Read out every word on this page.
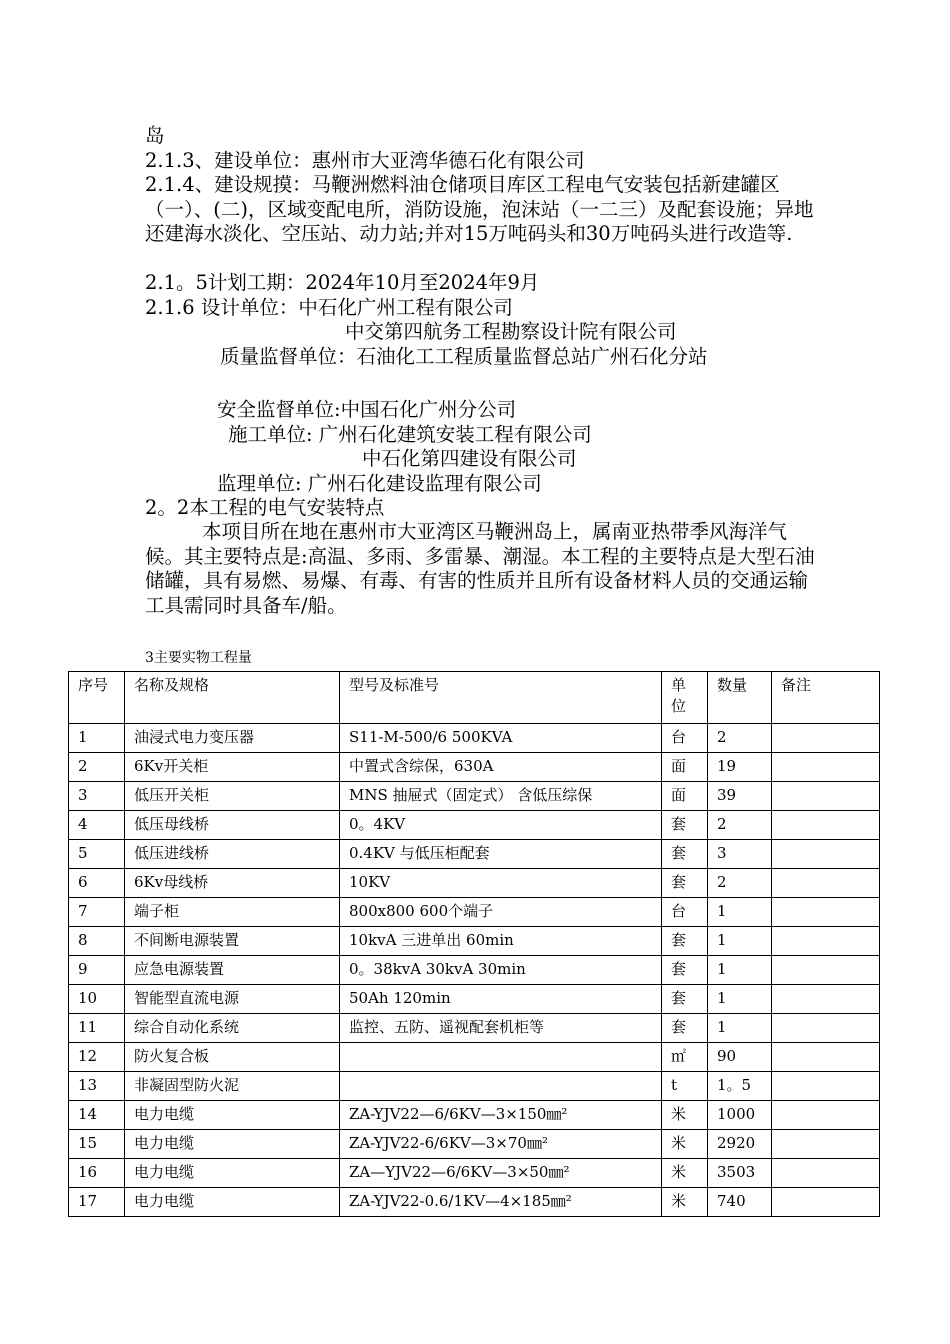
岛

2.1.3、建设单位：惠州市大亚湾华德石化有限公司

2.1.4、建设规摸：马鞭洲燃料油仓储项目库区工程电气安装包括新建罐区（一）、(二)，区域变配电所，消防设施，泡沫站（一二三）及配套设施；异地还建海水淡化、空压站、动力站;并对15万吨码头和30万吨码头进行改造等.

2.1。5计划工期：2024年10月至2024年9月

2.1.6 设计单位：中石化广州工程有限公司

中交第四航务工程勘察设计院有限公司

质量监督单位：石油化工工程质量监督总站广州石化分站

安全监督单位:中国石化广州分公司

施工单位: 广州石化建筑安装工程有限公司

中石化第四建设有限公司

监理单位: 广州石化建设监理有限公司

2。2本工程的电气安装特点

本项目所在地在惠州市大亚湾区马鞭洲岛上，属南亚热带季风海洋气候。其主要特点是:高温、多雨、多雷暴、潮湿。本工程的主要特点是大型石油储罐，具有易燃、易爆、有毒、有害的性质并且所有设备材料人员的交通运输工具需同时具备车/船。

3主要实物工程量
序号	名称及规格	型号及标准号	单位	数量	备注
1	油浸式电力变压器	S11-M-500/6 500KVA	台	2	
2	6Kv开关柜	中置式含综保，630A	面	19	
3	低压开关柜	MNS 抽屉式（固定式） 含低压综保	面	39	
4	低压母线桥	0。4KV	套	2	
5	低压进线桥	0.4KV 与低压柜配套	套	3	
6	6Kv母线桥	10KV	套	2	
7	端子柜	800x800 600个端子	台	1	
8	不间断电源装置	10kvA 三进单出 60min	套	1	
9	应急电源装置	0。38kvA 30kvA 30min	套	1	
10	智能型直流电源	50Ah 120min	套	1	
11	综合自动化系统	监控、五防、遥视配套机柜等	套	1	
12	防火复合板		㎡	90	
13	非凝固型防火泥		t	1。5	
14	电力电缆	ZA-YJV22—6/6KV—3×150㎜²	米	1000	
15	电力电缆	ZA-YJV22-6/6KV—3×70㎜²	米	2920	
16	电力电缆	ZA—YJV22—6/6KV—3×50㎜²	米	3503	
17	电力电缆	ZA-YJV22-0.6/1KV—4×185㎜²	米	740	
